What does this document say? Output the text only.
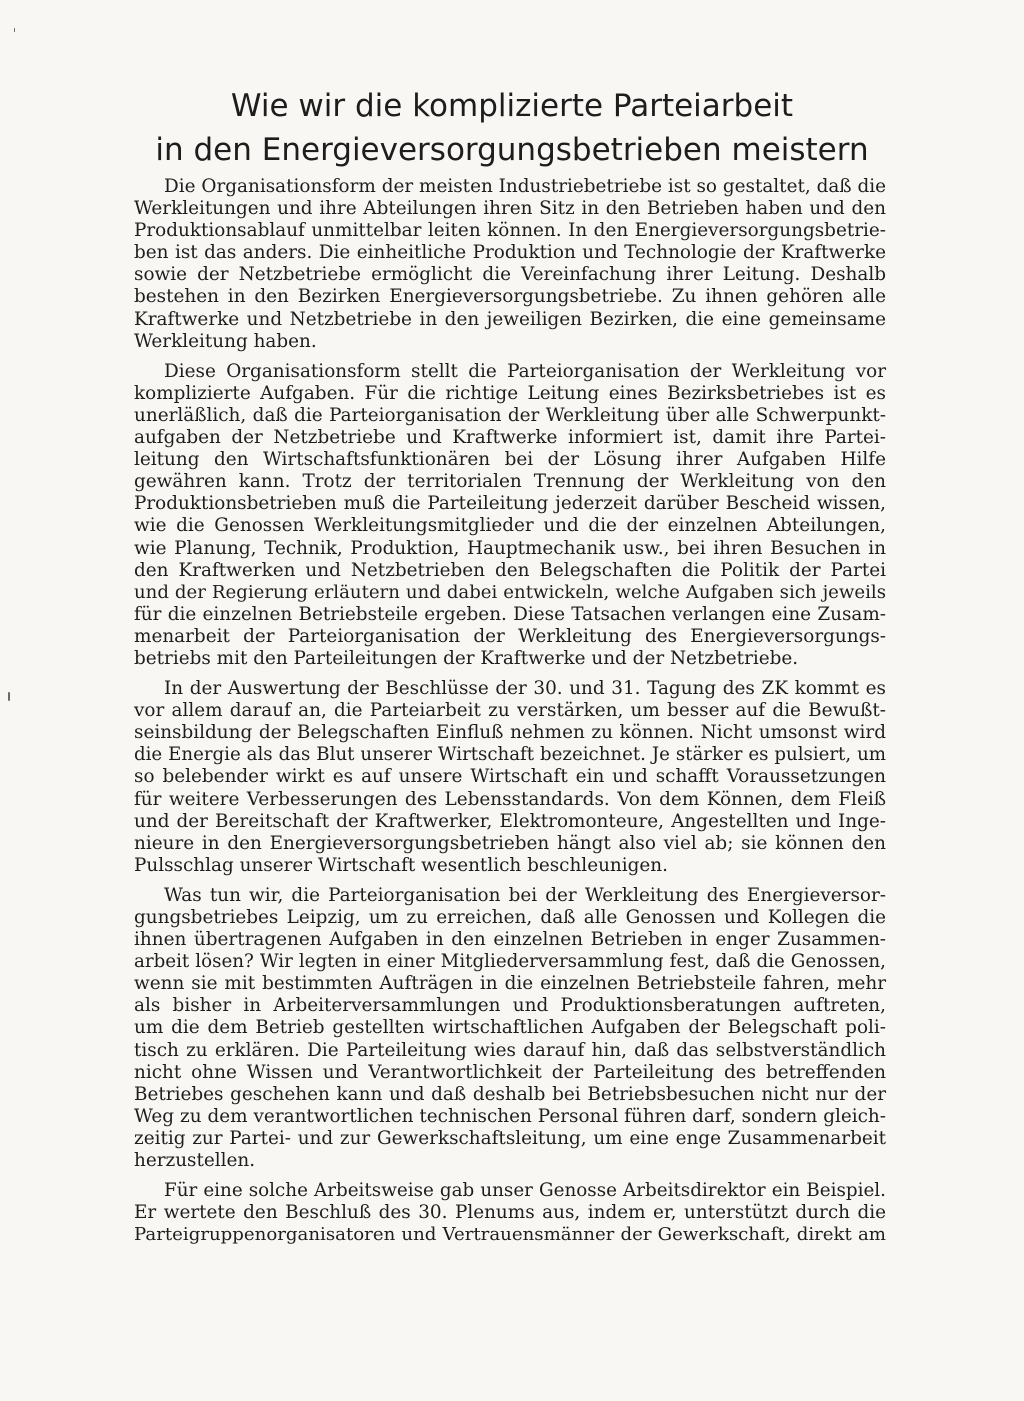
Wie wir die komplizierte Parteiarbeit
in den Energieversorgungsbetrieben meistern
Die Organisationsform der meisten Industriebetriebe ist so gestaltet, daß die
Werkleitungen und ihre Abteilungen ihren Sitz in den Betrieben haben und den
Produktionsablauf unmittelbar leiten können. In den Energieversorgungsbetrie-
ben ist das anders. Die einheitliche Produktion und Technologie der Kraftwerke
sowie der Netzbetriebe ermöglicht die Vereinfachung ihrer Leitung. Deshalb
bestehen in den Bezirken Energieversorgungsbetriebe. Zu ihnen gehören alle
Kraftwerke und Netzbetriebe in den jeweiligen Bezirken, die eine gemeinsame
Werkleitung haben.
Diese Organisationsform stellt die Parteiorganisation der Werkleitung vor
komplizierte Aufgaben. Für die richtige Leitung eines Bezirksbetriebes ist es
unerläßlich, daß die Parteiorganisation der Werkleitung über alle Schwerpunkt-
aufgaben der Netzbetriebe und Kraftwerke informiert ist, damit ihre Partei-
leitung den Wirtschaftsfunktionären bei der Lösung ihrer Aufgaben Hilfe
gewähren kann. Trotz der territorialen Trennung der Werkleitung von den
Produktionsbetrieben muß die Parteileitung jederzeit darüber Bescheid wissen,
wie die Genossen Werkleitungsmitglieder und die der einzelnen Abteilungen,
wie Planung, Technik, Produktion, Hauptmechanik usw., bei ihren Besuchen in
den Kraftwerken und Netzbetrieben den Belegschaften die Politik der Partei
und der Regierung erläutern und dabei entwickeln, welche Aufgaben sich jeweils
für die einzelnen Betriebsteile ergeben. Diese Tatsachen verlangen eine Zusam-
menarbeit der Parteiorganisation der Werkleitung des Energieversorgungs-
betriebs mit den Parteileitungen der Kraftwerke und der Netzbetriebe.
In der Auswertung der Beschlüsse der 30. und 31. Tagung des ZK kommt es
vor allem darauf an, die Parteiarbeit zu verstärken, um besser auf die Bewußt-
seinsbildung der Belegschaften Einfluß nehmen zu können. Nicht umsonst wird
die Energie als das Blut unserer Wirtschaft bezeichnet. Je stärker es pulsiert, um
so belebender wirkt es auf unsere Wirtschaft ein und schafft Voraussetzungen
für weitere Verbesserungen des Lebensstandards. Von dem Können, dem Fleiß
und der Bereitschaft der Kraftwerker, Elektromonteure, Angestellten und Inge-
nieure in den Energieversorgungsbetrieben hängt also viel ab; sie können den
Pulsschlag unserer Wirtschaft wesentlich beschleunigen.
Was tun wir, die Parteiorganisation bei der Werkleitung des Energieversor-
gungsbetriebes Leipzig, um zu erreichen, daß alle Genossen und Kollegen die
ihnen übertragenen Aufgaben in den einzelnen Betrieben in enger Zusammen-
arbeit lösen? Wir legten in einer Mitgliederversammlung fest, daß die Genossen,
wenn sie mit bestimmten Aufträgen in die einzelnen Betriebsteile fahren, mehr
als bisher in Arbeiterversammlungen und Produktionsberatungen auftreten,
um die dem Betrieb gestellten wirtschaftlichen Aufgaben der Belegschaft poli-
tisch zu erklären. Die Parteileitung wies darauf hin, daß das selbstverständlich
nicht ohne Wissen und Verantwortlichkeit der Parteileitung des betreffenden
Betriebes geschehen kann und daß deshalb bei Betriebsbesuchen nicht nur der
Weg zu dem verantwortlichen technischen Personal führen darf, sondern gleich-
zeitig zur Partei- und zur Gewerkschaftsleitung, um eine enge Zusammenarbeit
herzustellen.
Für eine solche Arbeitsweise gab unser Genosse Arbeitsdirektor ein Beispiel.
Er wertete den Beschluß des 30. Plenums aus, indem er, unterstützt durch die
Parteigruppenorganisatoren und Vertrauensmänner der Gewerkschaft, direkt am
